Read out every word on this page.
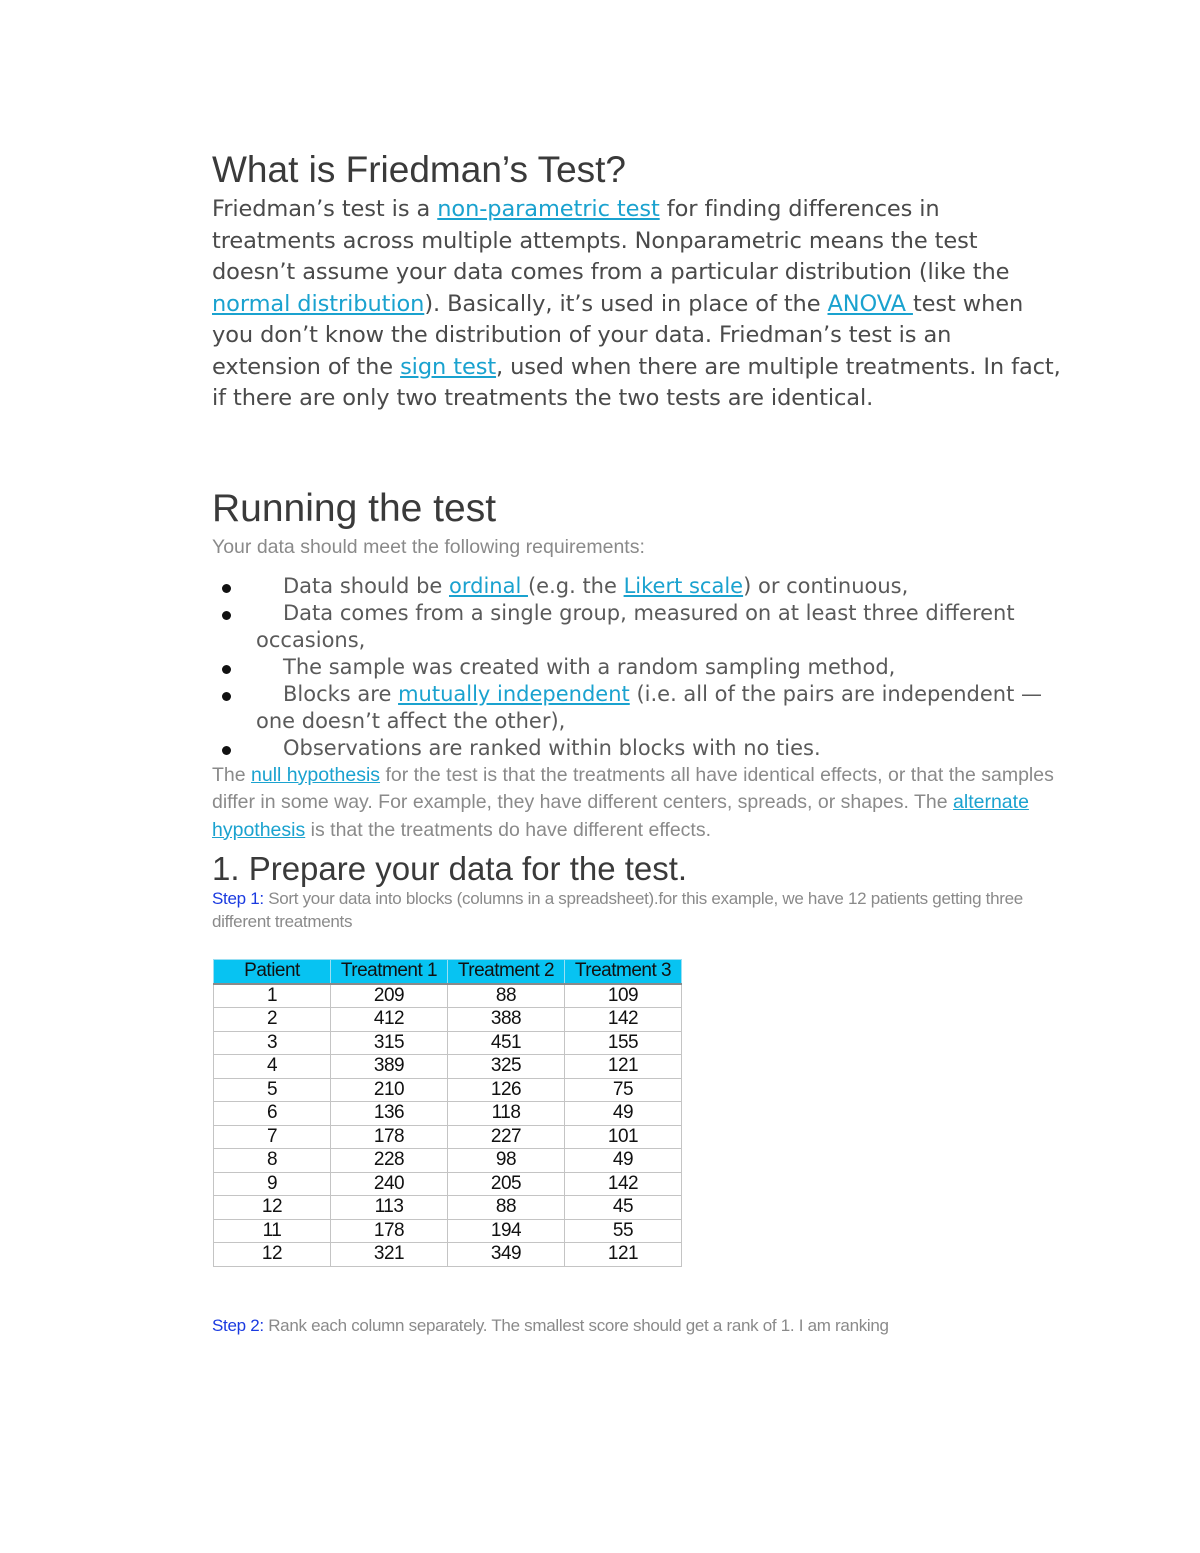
What is Friedman’s Test?

Friedman’s test is a non-parametric test for finding differences in treatments across multiple attempts. Nonparametric means the test doesn’t assume your data comes from a particular distribution (like the normal distribution). Basically, it’s used in place of the ANOVA test when you don’t know the distribution of your data. Friedman’s test is an extension of the sign test, used when there are multiple treatments. In fact, if there are only two treatments the two tests are identical.

Running the test

Your data should meet the following requirements:

Data should be ordinal (e.g. the Likert scale) or continuous,
Data comes from a single group, measured on at least three different occasions,
The sample was created with a random sampling method,
Blocks are mutually independent (i.e. all of the pairs are independent — one doesn’t affect the other),
Observations are ranked within blocks with no ties.

The null hypothesis for the test is that the treatments all have identical effects, or that the samples differ in some way. For example, they have different centers, spreads, or shapes. The alternate hypothesis is that the treatments do have different effects.

1. Prepare your data for the test.

Step 1: Sort your data into blocks (columns in a spreadsheet).for this example, we have 12 patients getting three different treatments

Patient	Treatment 1	Treatment 2	Treatment 3
1	209	88	109
2	412	388	142
3	315	451	155
4	389	325	121
5	210	126	75
6	136	118	49
7	178	227	101
8	228	98	49
9	240	205	142
12	113	88	45
11	178	194	55
12	321	349	121

Step 2: Rank each column separately. The smallest score should get a rank of 1. I am ranking
